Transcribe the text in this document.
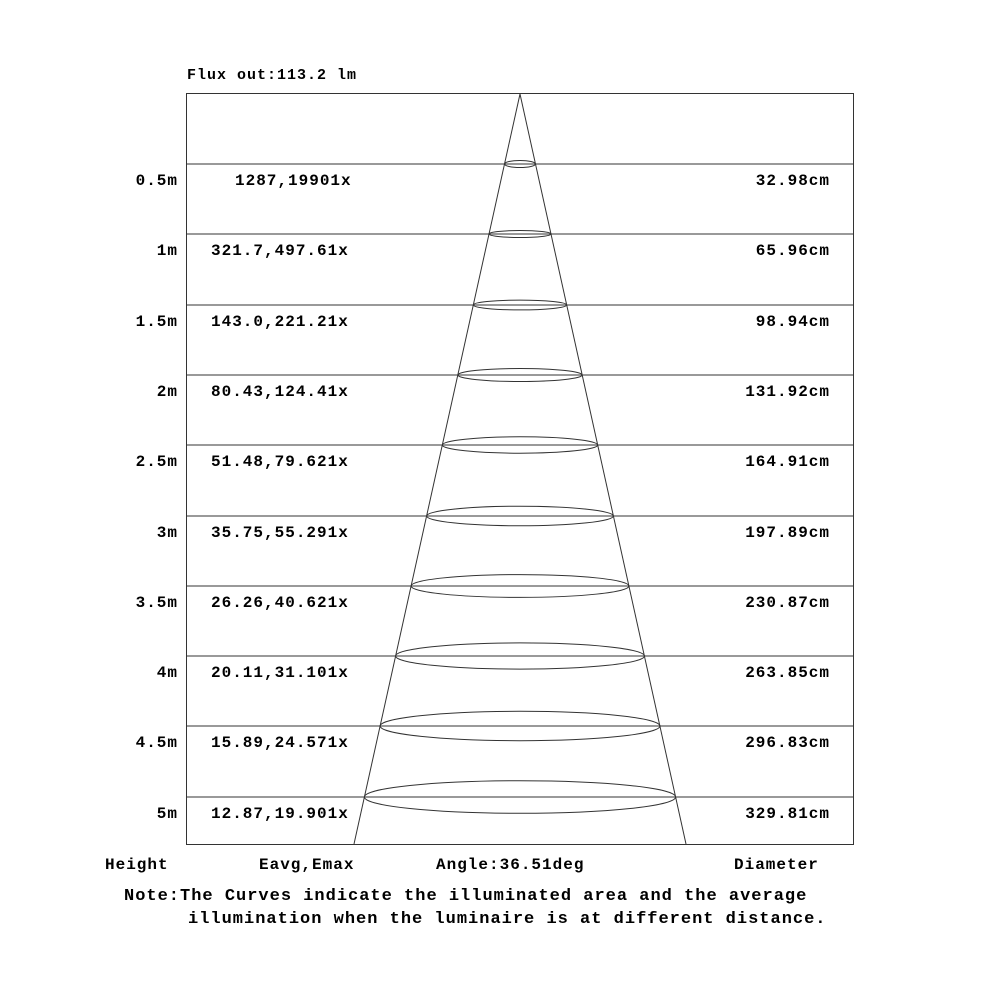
Flux out:113.2 lm
0.5m	1287,19901x	32.98cm
1m 321.7,497.61x	65.96cm
1.5m 143.0,221.21x	98.94cm
2m 80.43,124.41x	131.92cm
2.5m 51.48,79.621x	164.91cm
3m 35.75,55.291x	197.89cm
3.5m 26.26,40.621x	230.87cm
4m 20.11,31.101x	263.85cm
4.5m 15.89,24.571x	296.83cm
5m 12.87,19.901x	329.81cm
Height	Eavg,Emax	Angle:36.51deg	Diameter
Note:The Curves indicate the illuminated area and the average
illumination when the luminaire is at different distance.
